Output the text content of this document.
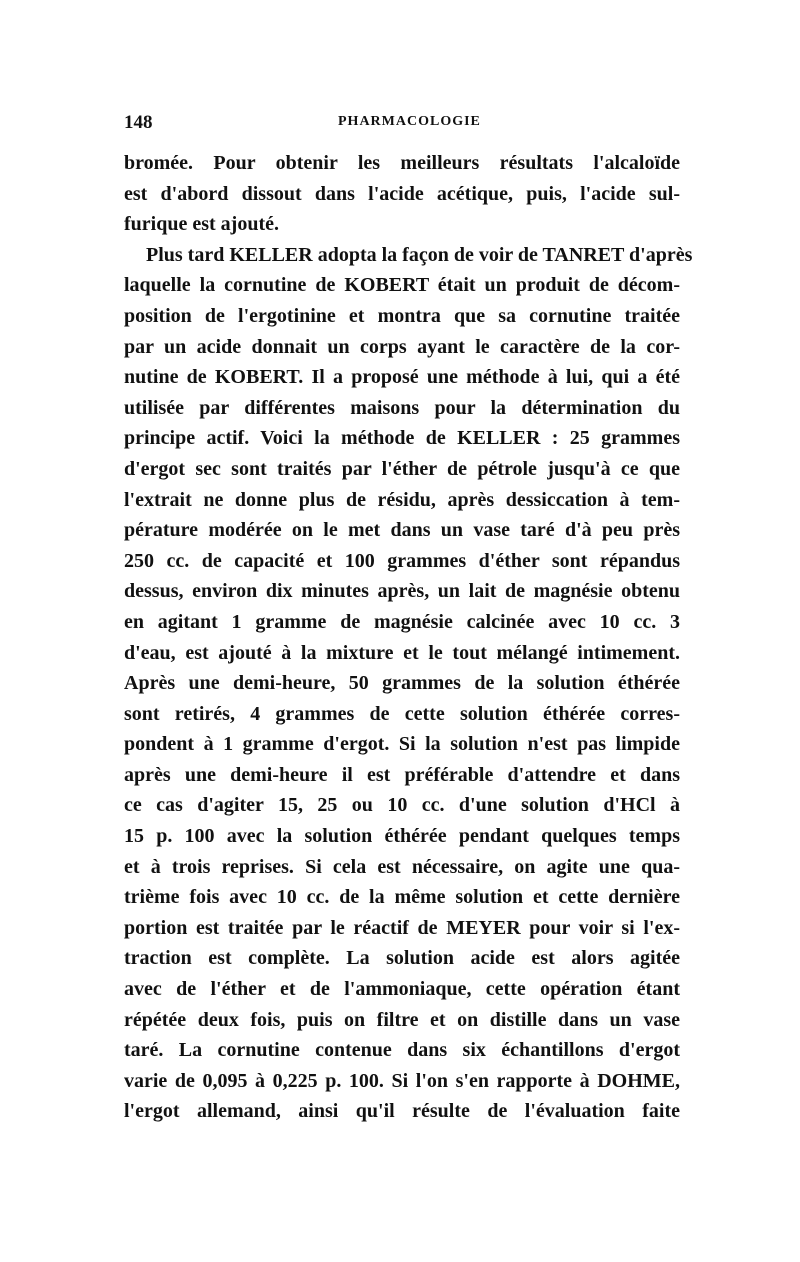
148	PHARMACOLOGIE
bromée. Pour obtenir les meilleurs résultats l'alcaloïde
est d'abord dissout dans l'acide acétique, puis, l'acide sul-
furique est ajouté.
Plus tard KELLER adopta la façon de voir de TANRET d'après
laquelle la cornutine de KOBERT était un produit de décom-
position de l'ergotinine et montra que sa cornutine traitée
par un acide donnait un corps ayant le caractère de la cor-
nutine de KOBERT. Il a proposé une méthode à lui, qui a été
utilisée par différentes maisons pour la détermination du
principe actif. Voici la méthode de KELLER : 25 grammes
d'ergot sec sont traités par l'éther de pétrole jusqu'à ce que
l'extrait ne donne plus de résidu, après dessiccation à tem-
pérature modérée on le met dans un vase taré d'à peu près
250 cc. de capacité et 100 grammes d'éther sont répandus
dessus, environ dix minutes après, un lait de magnésie obtenu
en agitant 1 gramme de magnésie calcinée avec 10 cc. 3
d'eau, est ajouté à la mixture et le tout mélangé intimement.
Après une demi-heure, 50 grammes de la solution éthérée
sont retirés, 4 grammes de cette solution éthérée corres-
pondent à 1 gramme d'ergot. Si la solution n'est pas limpide
après une demi-heure il est préférable d'attendre et dans
ce cas d'agiter 15, 25 ou 10 cc. d'une solution d'HCl à
15 p. 100 avec la solution éthérée pendant quelques temps
et à trois reprises. Si cela est nécessaire, on agite une qua-
trième fois avec 10 cc. de la même solution et cette dernière
portion est traitée par le réactif de MEYER pour voir si l'ex-
traction est complète. La solution acide est alors agitée
avec de l'éther et de l'ammoniaque, cette opération étant
répétée deux fois, puis on filtre et on distille dans un vase
taré. La cornutine contenue dans six échantillons d'ergot
varie de 0,095 à 0,225 p. 100. Si l'on s'en rapporte à DOHME,
l'ergot allemand, ainsi qu'il résulte de l'évaluation faite
